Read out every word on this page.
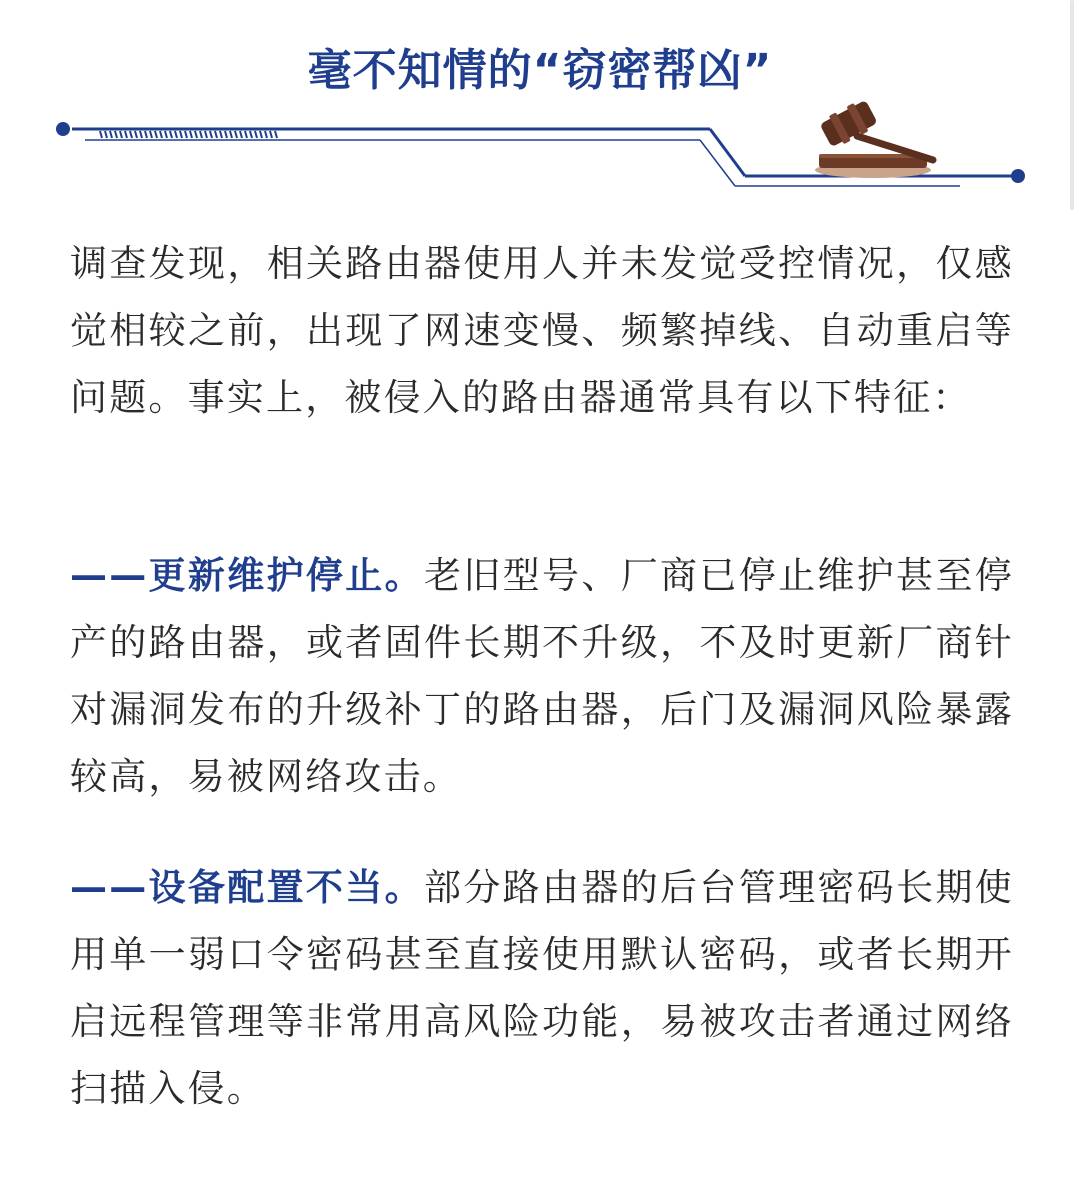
毫不知情的“窃密帮凶”

调查发现，相关路由器使用人并未发觉受控情况，仅感觉相较之前，出现了网速变慢、频繁掉线、自动重启等问题。事实上，被侵入的路由器通常具有以下特征：

——更新维护停止。老旧型号、厂商已停止维护甚至停产的路由器，或者固件长期不升级，不及时更新厂商针对漏洞发布的升级补丁的路由器，后门及漏洞风险暴露较高，易被网络攻击。

——设备配置不当。部分路由器的后台管理密码长期使用单一弱口令密码甚至直接使用默认密码，或者长期开启远程管理等非常用高风险功能，易被攻击者通过网络扫描入侵。
